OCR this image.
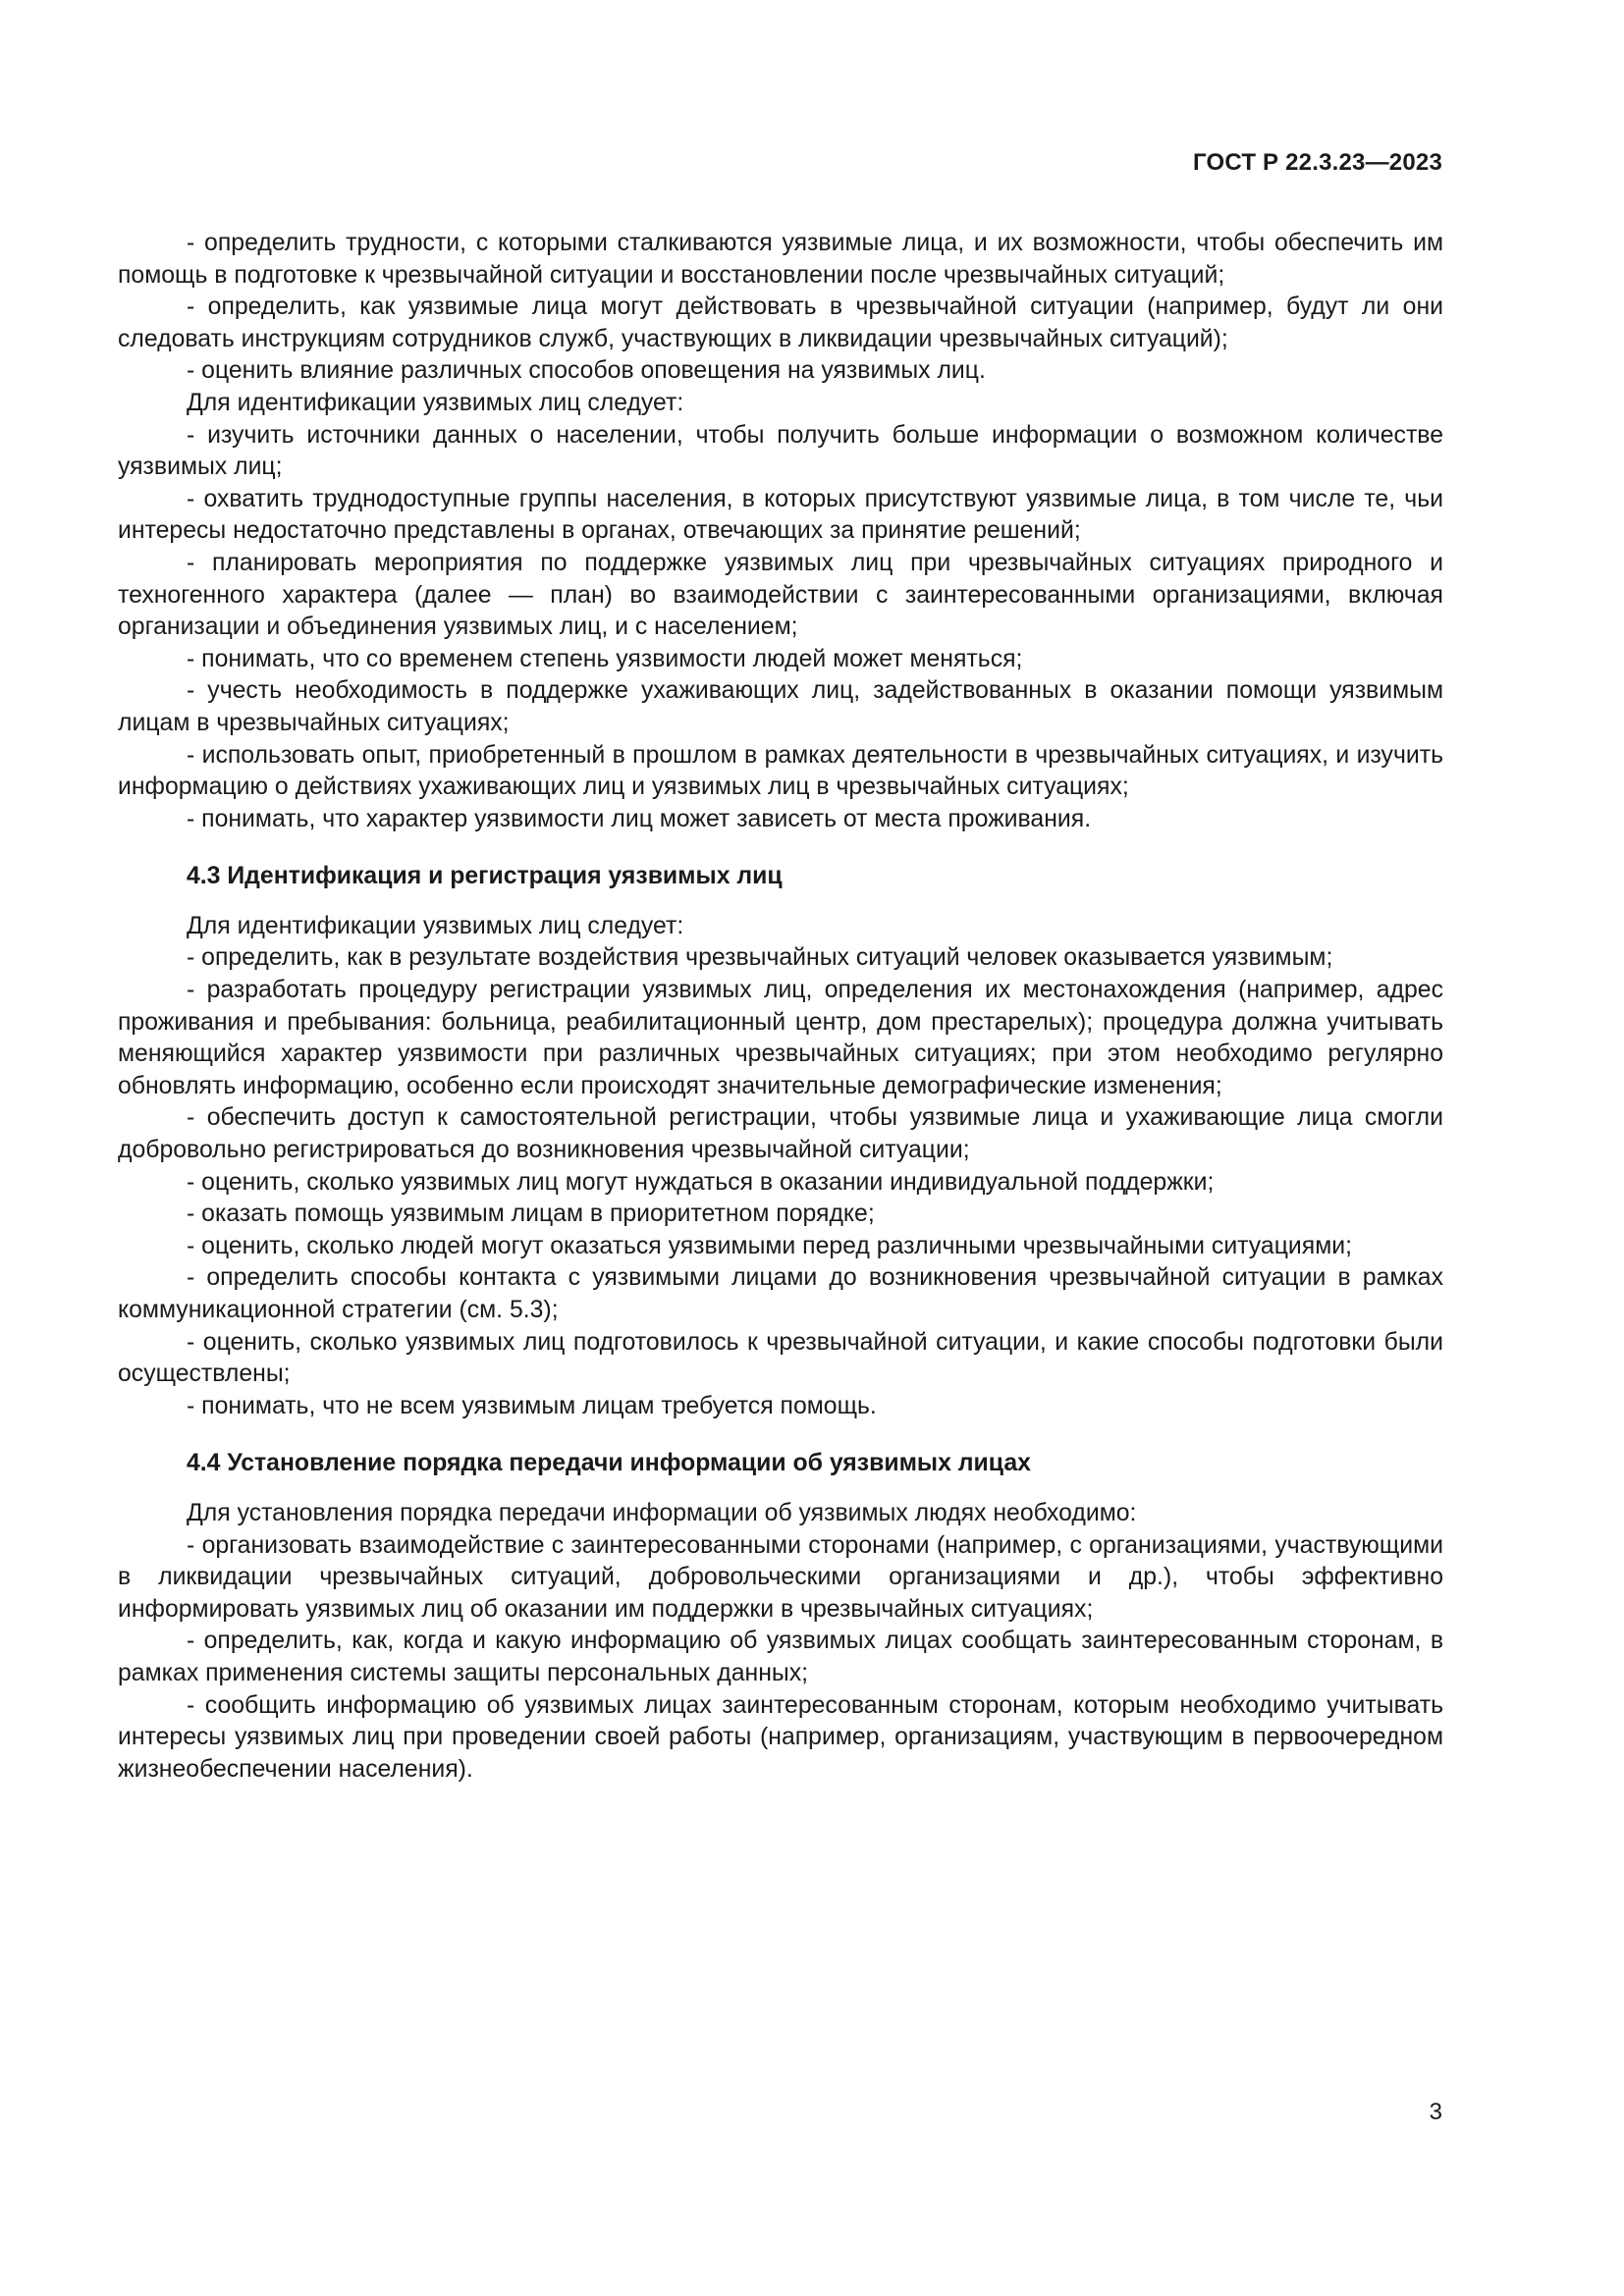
ГОСТ Р 22.3.23—2023

- определить трудности, с которыми сталкиваются уязвимые лица, и их возможности, чтобы обеспечить им помощь в подготовке к чрезвычайной ситуации и восстановлении после чрезвычайных ситуаций;

- определить, как уязвимые лица могут действовать в чрезвычайной ситуации (например, будут ли они следовать инструкциям сотрудников служб, участвующих в ликвидации чрезвычайных ситуаций);

- оценить влияние различных способов оповещения на уязвимых лиц.

Для идентификации уязвимых лиц следует:

- изучить источники данных о населении, чтобы получить больше информации о возможном количестве уязвимых лиц;

- охватить труднодоступные группы населения, в которых присутствуют уязвимые лица, в том числе те, чьи интересы недостаточно представлены в органах, отвечающих за принятие решений;

- планировать мероприятия по поддержке уязвимых лиц при чрезвычайных ситуациях природного и техногенного характера (далее — план) во взаимодействии с заинтересованными организациями, включая организации и объединения уязвимых лиц, и с населением;

- понимать, что со временем степень уязвимости людей может меняться;

- учесть необходимость в поддержке ухаживающих лиц, задействованных в оказании помощи уязвимым лицам в чрезвычайных ситуациях;

- использовать опыт, приобретенный в прошлом в рамках деятельности в чрезвычайных ситуациях, и изучить информацию о действиях ухаживающих лиц и уязвимых лиц в чрезвычайных ситуациях;

- понимать, что характер уязвимости лиц может зависеть от места проживания.

4.3 Идентификация и регистрация уязвимых лиц

Для идентификации уязвимых лиц следует:

- определить, как в результате воздействия чрезвычайных ситуаций человек оказывается уязвимым;

- разработать процедуру регистрации уязвимых лиц, определения их местонахождения (например, адрес проживания и пребывания: больница, реабилитационный центр, дом престарелых); процедура должна учитывать меняющийся характер уязвимости при различных чрезвычайных ситуациях; при этом необходимо регулярно обновлять информацию, особенно если происходят значительные демографические изменения;

- обеспечить доступ к самостоятельной регистрации, чтобы уязвимые лица и ухаживающие лица смогли добровольно регистрироваться до возникновения чрезвычайной ситуации;

- оценить, сколько уязвимых лиц могут нуждаться в оказании индивидуальной поддержки;

- оказать помощь уязвимым лицам в приоритетном порядке;

- оценить, сколько людей могут оказаться уязвимыми перед различными чрезвычайными ситуациями;

- определить способы контакта с уязвимыми лицами до возникновения чрезвычайной ситуации в рамках коммуникационной стратегии (см. 5.3);

- оценить, сколько уязвимых лиц подготовилось к чрезвычайной ситуации, и какие способы подготовки были осуществлены;

- понимать, что не всем уязвимым лицам требуется помощь.

4.4 Установление порядка передачи информации об уязвимых лицах

Для установления порядка передачи информации об уязвимых людях необходимо:

- организовать взаимодействие с заинтересованными сторонами (например, с организациями, участвующими в ликвидации чрезвычайных ситуаций, добровольческими организациями и др.), чтобы эффективно информировать уязвимых лиц об оказании им поддержки в чрезвычайных ситуациях;

- определить, как, когда и какую информацию об уязвимых лицах сообщать заинтересованным сторонам, в рамках применения системы защиты персональных данных;

- сообщить информацию об уязвимых лицах заинтересованным сторонам, которым необходимо учитывать интересы уязвимых лиц при проведении своей работы (например, организациям, участвующим в первоочередном жизнеобеспечении населения).

3
